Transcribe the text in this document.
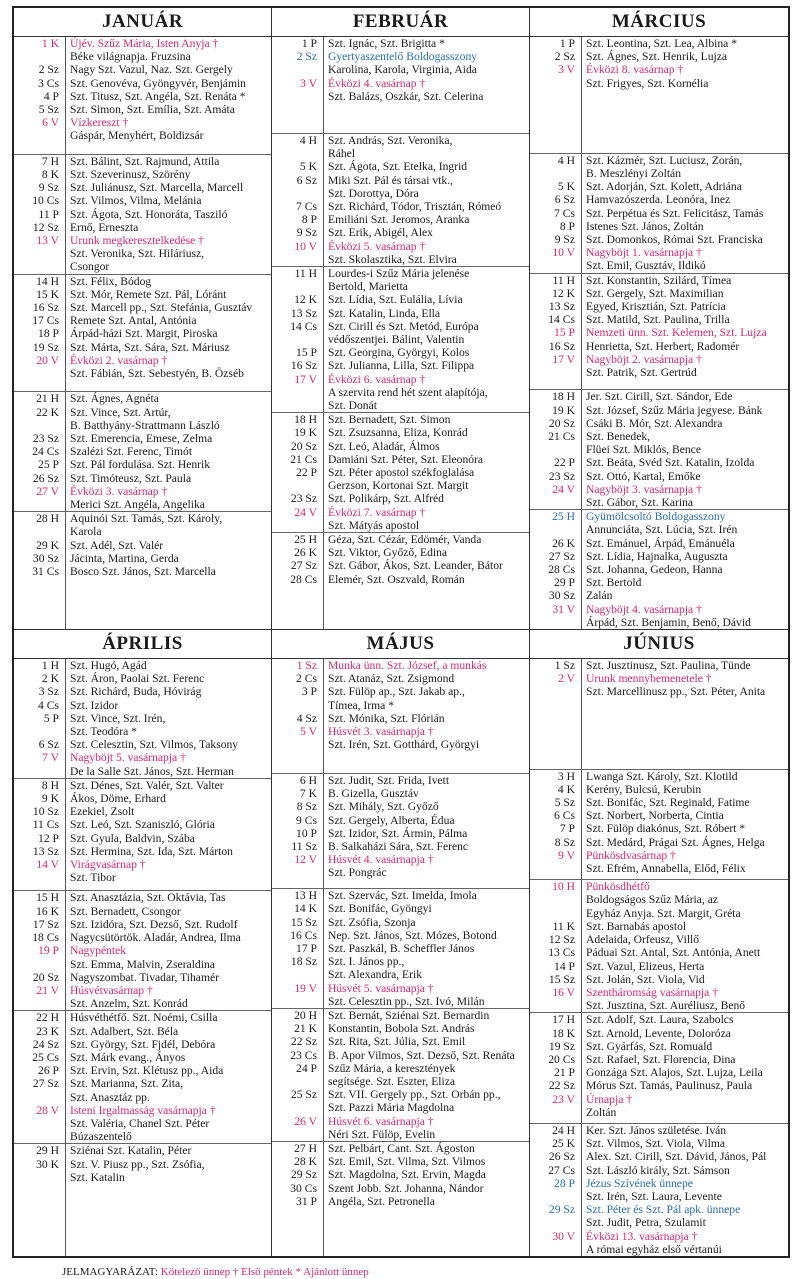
JANUÁR
1 K

2 Sz
3 Cs
4 P
5 Sz
6 V

Újév. Szűz Mária, Isten Anyja †
Béke világnapja. Fruzsina
Nagy Szt. Vazul, Naz. Szt. Gergely
Szt. Genovéva, Gyöngyvér, Benjámin
Szt. Titusz, Szt. Angéla, Szt. Renáta *
Szt. Simon, Szt. Emília, Szt. Amáta
Vízkereszt †
Gáspár, Menyhért, Boldizsár
7 H
8 K
9 Sz
10 Cs
11 P
12 Sz
13 V

Szt. Bálint, Szt. Rajmund, Attila
Szt. Szeverinusz, Szörény
Szt. Juliánusz, Szt. Marcella, Marcell
Szt. Vilmos, Vilma, Melánia
Szt. Ágota, Szt. Honoráta, Tasziló
Ernő, Erneszta
Urunk megkeresztelkedése †
Szt. Veronika, Szt. Hiláriusz,
Csongor
14 H
15 K
16 Sz
17 Cs
18 P
19 Sz
20 V

Szt. Félix, Bódog
Szt. Mór, Remete Szt. Pál, Lóránt
Szt. Marcell pp., Szt. Stefánia, Gusztáv
Remete Szt. Antal, Antónia
Árpád-házi Szt. Margit, Piroska
Szt. Márta, Szt. Sára, Szt. Máriusz
Évközi 2. vasárnap †
Szt. Fábián, Szt. Sebestyén, B. Özséb
21 H
22 K

23 Sz
24 Cs
25 P
26 Sz
27 V

Szt. Ágnes, Agnéta
Szt. Vince, Szt. Artúr,
B. Batthyány-Strattmann László
Szt. Emerencia, Emese, Zelma
Szalézi Szt. Ferenc, Timót
Szt. Pál fordulása. Szt. Henrik
Szt. Timóteusz, Szt. Paula
Évközi 3. vasárnap †
Merici Szt. Angéla, Angelika
28 H

29 K
30 Sz
31 Cs
Aquinói Szt. Tamás, Szt. Károly,
Karola
Szt. Adél, Szt. Valér
Jácinta, Martina, Gerda
Bosco Szt. János, Szt. Marcella
FEBRUÁR
1 P
2 Sz

3 V

Szt. Ignác, Szt. Brigitta *
Gyertyaszentelő Boldogasszony
Karolina, Karola, Virginia, Aida
Évközi 4. vasárnap †
Szt. Balázs, Oszkár, Szt. Celerina
4 H

5 K
6 Sz

7 Cs
8 P
9 Sz
10 V

Szt. András, Szt. Veronika,
Ráhel
Szt. Ágota, Szt. Etelka, Ingrid
Miki Szt. Pál és társai vtk.,
Szt. Dorottya, Dóra
Szt. Richárd, Tódor, Trisztán, Rómeó
Emiliáni Szt. Jeromos, Aranka
Szt. Erik, Abigél, Alex
Évközi 5. vasárnap †
Szt. Skolasztika, Szt. Elvira
11 H

12 K
13 Sz
14 Cs

15 P
16 Sz
17 V

Lourdes-i Szűz Mária jelenése
Bertold, Marietta
Szt. Lídia, Szt. Eulália, Lívia
Szt. Katalin, Linda, Ella
Szt. Cirill és Szt. Metód, Európa
védőszentjei. Bálint, Valentin
Szt. Georgina, Györgyi, Kolos
Szt. Julianna, Lilla, Szt. Filippa
Évközi 6. vasárnap †
A szervita rend hét szent alapítója,
Szt. Donát
18 H
19 K
20 Sz
21 Cs
22 P

23 Sz
24 V

Szt. Bernadett, Szt. Simon
Szt. Zsuzsanna, Eliza, Konrád
Szt. Leó, Aladár, Álmos
Damiáni Szt. Péter, Szt. Eleonóra
Szt. Péter apostol székfoglalása
Gerzson, Kortonai Szt. Margit
Szt. Polikárp, Szt. Alfréd
Évközi 7. vasárnap †
Szt. Mátyás apostol
25 H
26 K
27 Sz
28 Cs
Géza, Szt. Cézár, Edömér, Vanda
Szt. Viktor, Győző, Edina
Szt. Gábor, Ákos, Szt. Leander, Bátor
Elemér, Szt. Oszvald, Román
MÁRCIUS
1 P
2 Sz
3 V

Szt. Leontina, Szt. Lea, Albina *
Szt. Ágnes, Szt. Henrik, Lujza
Évközi 8. vasárnap †
Szt. Frigyes, Szt. Kornélia
4 H

5 K
6 Sz
7 Cs
8 P
9 Sz
10 V

Szt. Kázmér, Szt. Luciusz, Zorán,
B. Meszlényi Zoltán
Szt. Adorján, Szt. Kolett, Adriána
Hamvazószerda. Leonóra, Inez
Szt. Perpétua és Szt. Felicitász, Tamás
Istenes Szt. János, Zoltán
Szt. Domonkos, Római Szt. Franciska
Nagyböjt 1. vasárnapja †
Szt. Emil, Gusztáv, Ildikó
11 H
12 K
13 Sz
14 Cs
15 P
16 Sz
17 V

Szt. Konstantin, Szilárd, Tímea
Szt. Gergely, Szt. Maximilian
Egyed, Krisztián, Szt. Patrícia
Szt. Matild, Szt. Paulina, Trilla
Nemzeti ünn. Szt. Kelemen, Szt. Lujza
Henrietta, Szt. Herbert, Radomér
Nagyböjt 2. vasárnapja †
Szt. Patrik, Szt. Gertrúd
18 H
19 K
20 Sz
21 Cs

22 P
23 Sz
24 V

Jer. Szt. Cirill, Szt. Sándor, Ede
Szt. József, Szűz Mária jegyese. Bánk
Csáki B. Mór, Szt. Alexandra
Szt. Benedek,
Flüei Szt. Miklós, Bence
Szt. Beáta, Svéd Szt. Katalin, Izolda
Szt. Ottó, Kartal, Emőke
Nagyböjt 3. vasárnapja †
Szt. Gábor, Szt. Karina
25 H

26 K
27 Sz
28 Cs
29 P
30 Sz
31 V

Gyümölcsoltó Boldogasszony
Annunciáta, Szt. Lúcia, Szt. Irén
Szt. Emánuel, Árpád, Emánuéla
Szt. Lídia, Hajnalka, Auguszta
Szt. Johanna, Gedeon, Hanna
Szt. Bertold
Zalán
Nagyböjt 4. vasárnapja †
Árpád, Szt. Benjamin, Benő, Dávid
ÁPRILIS
1 H
2 K
3 Sz
4 Cs
5 P

6 Sz
7 V

Szt. Hugó, Agád
Szt. Áron, Paolai Szt. Ferenc
Szt. Richárd, Buda, Hóvirág
Szt. Izidor
Szt. Vince, Szt. Irén,
Szt. Teodóra *
Szt. Celesztin, Szt. Vilmos, Taksony
Nagyböjt 5. vasárnapja †
De la Salle Szt. János, Szt. Herman
8 H
9 K
10 Sz
11 Cs
12 P
13 Sz
14 V

Szt. Dénes, Szt. Valér, Szt. Valter
Ákos, Döme, Erhard
Ezekiel, Zsolt
Szt. Leó, Szt. Szaniszló, Glória
Szt. Gyula, Baldvin, Szába
Szt. Hermina, Szt. Ida, Szt. Márton
Virágvasárnap †
Szt. Tibor
15 H
16 K
17 Sz
18 Cs
19 P

20 Sz
21 V

Szt. Anasztázia, Szt. Oktávia, Tas
Szt. Bernadett, Csongor
Szt. Izidóra, Szt. Dezső, Szt. Rudolf
Nagycsütörtök. Aladár, Andrea, Ilma
Nagypéntek
Szt. Emma, Malvin, Zseraldina
Nagyszombat. Tivadar, Tihamér
Húsvétvasárnap †
Szt. Anzelm, Szt. Konrád
22 H
23 K
24 Sz
25 Cs
26 P
27 Sz

28 V

Húsvéthétfő. Szt. Noémi, Csilla
Szt. Adalbert, Szt. Béla
Szt. György, Szt. Fjdél, Debóra
Szt. Márk evang., Ányos
Szt. Ervin, Szt. Klétusz pp., Aida
Szt. Marianna, Szt. Zita,
Szt. Anasztáz pp.
Isteni Irgalmasság vasárnapja †
Szt. Valéria, Chanel Szt. Péter
Búzaszentelő
29 H
30 K

Sziénai Szt. Katalin, Péter
Szt. V. Piusz pp., Szt. Zsófia,
Szt. Katalin
MÁJUS
1 Sz
2 Cs
3 P

4 Sz
5 V

Munka ünn. Szt. József, a munkás
Szt. Atanáz, Szt. Zsigmond
Szt. Fülöp ap., Szt. Jakab ap.,
Tímea, Irma *
Szt. Mónika, Szt. Flórián
Húsvét 3. vasárnapja †
Szt. Irén, Szt. Gotthárd, Györgyi
6 H
7 K
8 Sz
9 Cs
10 P
11 Sz
12 V

Szt. Judit, Szt. Frida, Ivett
B. Gizella, Gusztáv
Szt. Mihály, Szt. Győző
Szt. Gergely, Alberta, Édua
Szt. Izidor, Szt. Ármin, Pálma
B. Salkaházi Sára, Szt. Ferenc
Húsvét 4. vasárnapja †
Szt. Pongrác
13 H
14 K
15 Sz
16 Cs
17 P
18 Sz

19 V

Szt. Szervác, Szt. Imelda, Imola
Szt. Bonifác, Gyöngyi
Szt. Zsófia, Szonja
Nep. Szt. János, Szt. Mózes, Botond
Szt. Paszkál, B. Scheffler János
Szt. I. János pp.,
Szt. Alexandra, Erik
Húsvét 5. vasárnapja †
Szt. Celesztin pp., Szt. Ivó, Milán
20 H
21 K
22 Sz
23 Cs
24 P

25 Sz

26 V

Szt. Bernát, Sziénai Szt. Bernardin
Konstantin, Bobola Szt. András
Szt. Rita, Szt. Júlia, Szt. Emil
B. Apor Vilmos, Szt. Dezső, Szt. Renáta
Szűz Mária, a keresztények
segítsége. Szt. Eszter, Eliza
Szt. VII. Gergely pp., Szt. Orbán pp.,
Szt. Pazzi Mária Magdolna
Húsvét 6. vasárnapja †
Néri Szt. Fülöp, Evelin
27 H
28 K
29 Sz
30 Cs
31 P
Szt. Pelbárt, Cant. Szt. Ágoston
Szt. Emil, Szt. Vilma, Szt. Vilmos
Szt. Magdolna, Szt. Ervin, Magda
Szent Jobb. Szt. Johanna, Nándor
Angéla, Szt. Petronella
JÚNIUS
1 Sz
2 V

Szt. Jusztinusz, Szt. Paulina, Tünde
Urunk mennybemenetele †
Szt. Marcellinusz pp., Szt. Péter, Anita
3 H
4 K
5 Sz
6 Cs
7 P
8 Sz
9 V

Lwanga Szt. Károly, Szt. Klotild
Kerény, Bulcsú, Kerubin
Szt. Bonifác, Szt. Reginald, Fatime
Szt. Norbert, Norberta, Cintia
Szt. Fülöp diakónus, Szt. Róbert *
Szt. Medárd, Prágai Szt. Ágnes, Helga
Pünkösdvasárnap †
Szt. Efrém, Annabella, Előd, Félix
10 H

11 K
12 Sz
13 Cs
14 P
15 Sz
16 V

Pünkösdhétfő
Boldogságos Szűz Mária, az
Egyház Anyja. Szt. Margit, Gréta
Szt. Barnabás apostol
Adelaida, Orfeusz, Villő
Páduai Szt. Antal, Szt. Antónia, Anett
Szt. Vazul, Elizeus, Herta
Szt. Jolán, Szt. Viola, Vid
Szentháromság vasárnapja †
Szt. Jusztina, Szt. Auréliusz, Benő
17 H
18 K
19 Sz
20 Cs
21 P
22 Sz
23 V

Szt. Adolf, Szt. Laura, Szabolcs
Szt. Arnold, Levente, Doloróza
Szt. Gyárfás, Szt. Romuald
Szt. Rafael, Szt. Florencia, Dina
Gonzága Szt. Alajos, Szt. Lujza, Leila
Mórus Szt. Tamás, Paulinusz, Paula
Úrnapja †
Zoltán
24 H
25 K
26 Sz
27 Cs
28 P

29 Sz

30 V

Ker. Szt. János születése. Iván
Szt. Vilmos, Szt. Viola, Vilma
Alex. Szt. Cirill, Szt. Dávid, János, Pál
Szt. László király, Szt. Sámson
Jézus Szívének ünnepe
Szt. Irén, Szt. Laura, Levente
Szt. Péter és Szt. Pál apk. ünnepe
Szt. Judit, Petra, Szulamit
Évközi 13. vasárnapja †
A római egyház első vértanúi
JELMAGYARÁZAT: Kötelező ünnep † Első péntek * Ajánlott ünnep
